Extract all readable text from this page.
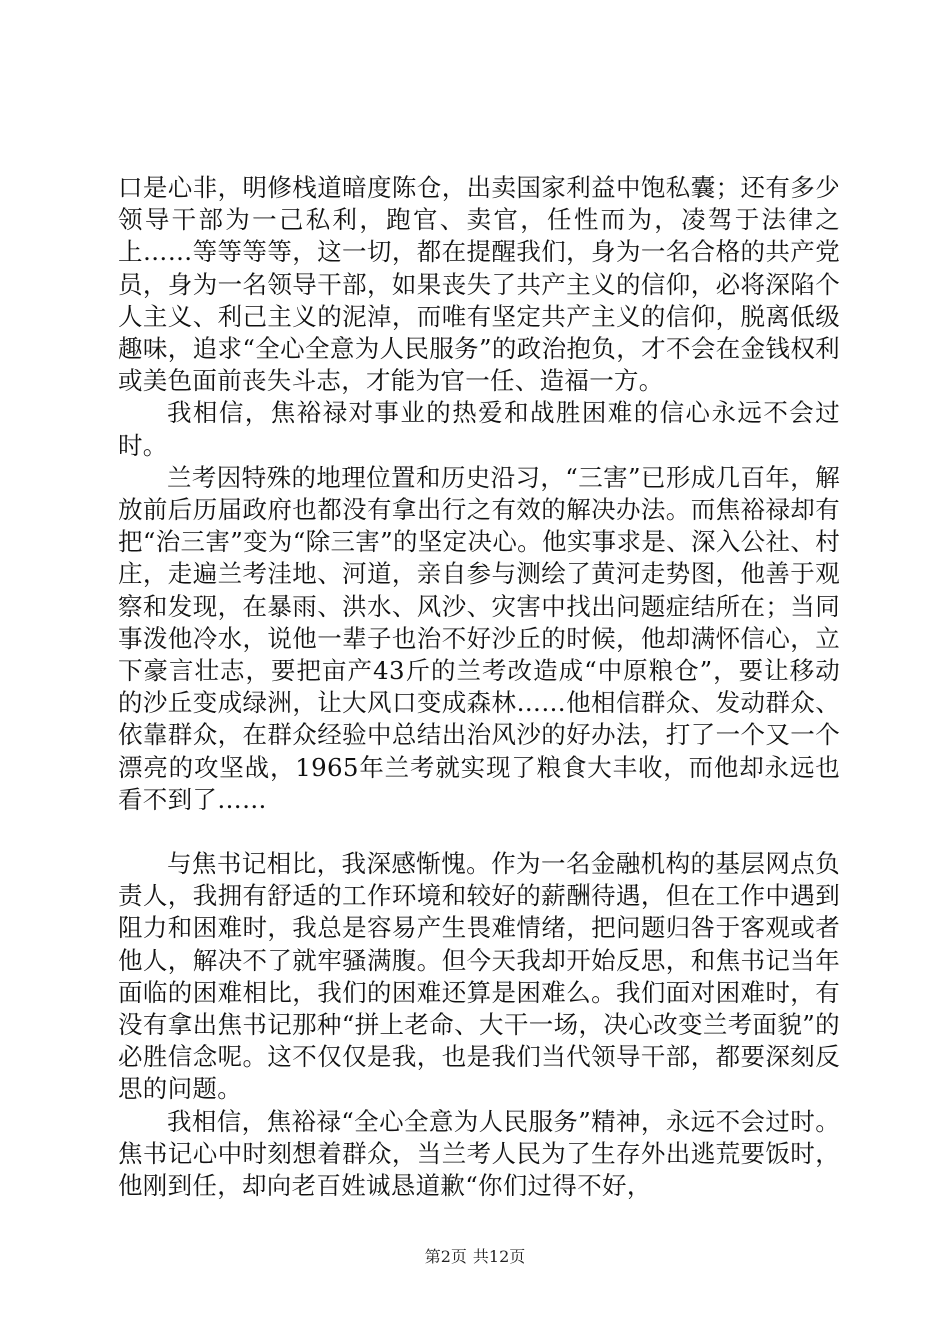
口是心非，明修栈道暗度陈仓，出卖国家利益中饱私囊；还有多少领导干部为一己私利，跑官、卖官，任性而为，凌驾于法律之上……等等等等，这一切，都在提醒我们，身为一名合格的共产党员，身为一名领导干部，如果丧失了共产主义的信仰，必将深陷个人主义、利己主义的泥淖，而唯有坚定共产主义的信仰，脱离低级趣味，追求“全心全意为人民服务”的政治抱负，才不会在金钱权利或美色面前丧失斗志，才能为官一任、造福一方。

我相信，焦裕禄对事业的热爱和战胜困难的信心永远不会过时。

兰考因特殊的地理位置和历史沿习，“三害”已形成几百年，解放前后历届政府也都没有拿出行之有效的解决办法。而焦裕禄却有把“治三害”变为“除三害”的坚定决心。他实事求是、深入公社、村庄，走遍兰考洼地、河道，亲自参与测绘了黄河走势图，他善于观察和发现，在暴雨、洪水、风沙、灾害中找出问题症结所在；当同事泼他冷水，说他一辈子也治不好沙丘的时候，他却满怀信心，立下豪言壮志，要把亩产43斤的兰考改造成“中原粮仓”，要让移动的沙丘变成绿洲，让大风口变成森林……他相信群众、发动群众、依靠群众，在群众经验中总结出治风沙的好办法，打了一个又一个漂亮的攻坚战，1965年兰考就实现了粮食大丰收，而他却永远也看不到了……

与焦书记相比，我深感惭愧。作为一名金融机构的基层网点负责人，我拥有舒适的工作环境和较好的薪酬待遇，但在工作中遇到阻力和困难时，我总是容易产生畏难情绪，把问题归咎于客观或者他人，解决不了就牢骚满腹。但今天我却开始反思，和焦书记当年面临的困难相比，我们的困难还算是困难么。我们面对困难时，有没有拿出焦书记那种“拼上老命、大干一场，决心改变兰考面貌”的必胜信念呢。这不仅仅是我，也是我们当代领导干部，都要深刻反思的问题。

我相信，焦裕禄“全心全意为人民服务”精神，永远不会过时。焦书记心中时刻想着群众，当兰考人民为了生存外出逃荒要饭时，他刚到任，却向老百姓诚恳道歉“你们过得不好，

第2页 共12页
